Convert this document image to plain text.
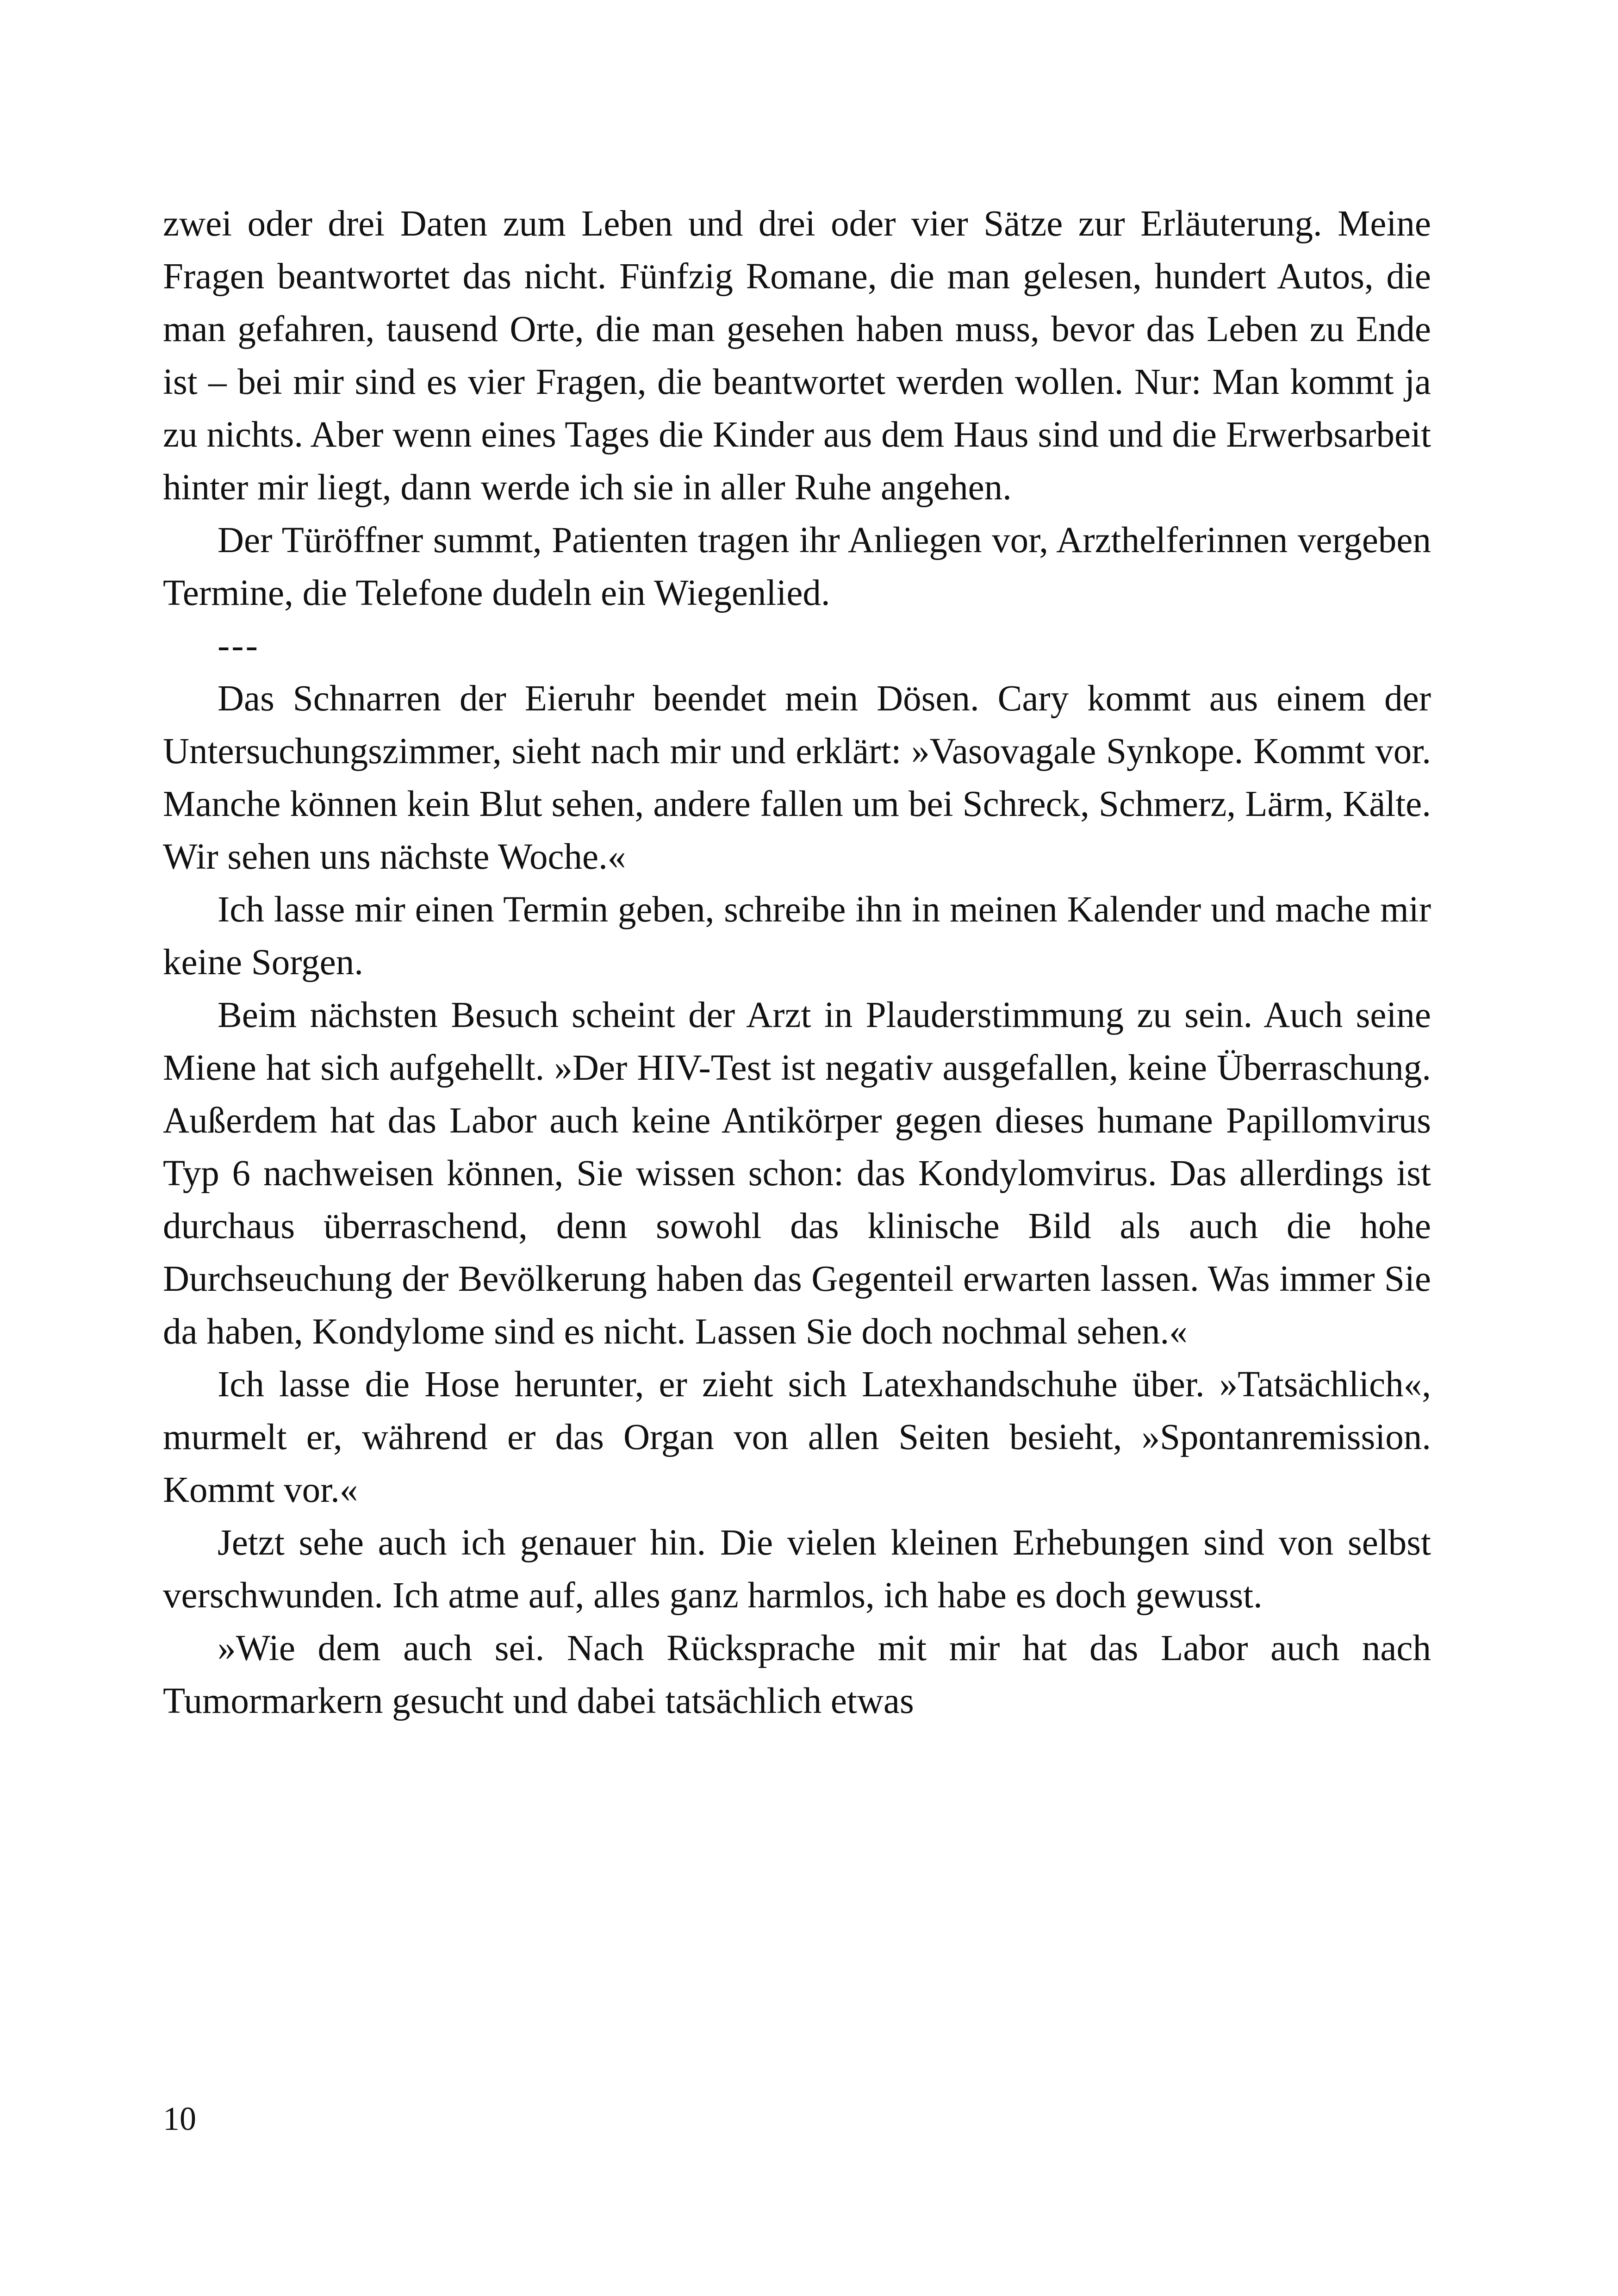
zwei oder drei Daten zum Leben und drei oder vier Sätze zur Erläuterung. Meine Fragen beantwortet das nicht. Fünfzig Romane, die man gelesen, hundert Autos, die man gefahren, tausend Orte, die man gesehen haben muss, bevor das Leben zu Ende ist – bei mir sind es vier Fragen, die beantwortet werden wollen. Nur: Man kommt ja zu nichts. Aber wenn eines Tages die Kinder aus dem Haus sind und die Erwerbsarbeit hinter mir liegt, dann werde ich sie in aller Ruhe angehen.

Der Türöffner summt, Patienten tragen ihr Anliegen vor, Arzthelferinnen vergeben Termine, die Telefone dudeln ein Wiegenlied.

---

Das Schnarren der Eieruhr beendet mein Dösen. Cary kommt aus einem der Untersuchungszimmer, sieht nach mir und erklärt: »Vasovagale Synkope. Kommt vor. Manche können kein Blut sehen, andere fallen um bei Schreck, Schmerz, Lärm, Kälte. Wir sehen uns nächste Woche.«

Ich lasse mir einen Termin geben, schreibe ihn in meinen Kalender und mache mir keine Sorgen.

Beim nächsten Besuch scheint der Arzt in Plauderstimmung zu sein. Auch seine Miene hat sich aufgehellt. »Der HIV-Test ist negativ ausgefallen, keine Überraschung. Außerdem hat das Labor auch keine Antikörper gegen dieses humane Papillomvirus Typ 6 nachweisen können, Sie wissen schon: das Kondylomvirus. Das allerdings ist durchaus überraschend, denn sowohl das klinische Bild als auch die hohe Durchseuchung der Bevölkerung haben das Gegenteil erwarten lassen. Was immer Sie da haben, Kondylome sind es nicht. Lassen Sie doch nochmal sehen.«

Ich lasse die Hose herunter, er zieht sich Latexhandschuhe über. »Tatsächlich«, murmelt er, während er das Organ von allen Seiten besieht, »Spontanremission. Kommt vor.«

Jetzt sehe auch ich genauer hin. Die vielen kleinen Erhebungen sind von selbst verschwunden. Ich atme auf, alles ganz harmlos, ich habe es doch gewusst.

»Wie dem auch sei. Nach Rücksprache mit mir hat das Labor auch nach Tumormarkern gesucht und dabei tatsächlich etwas

10
